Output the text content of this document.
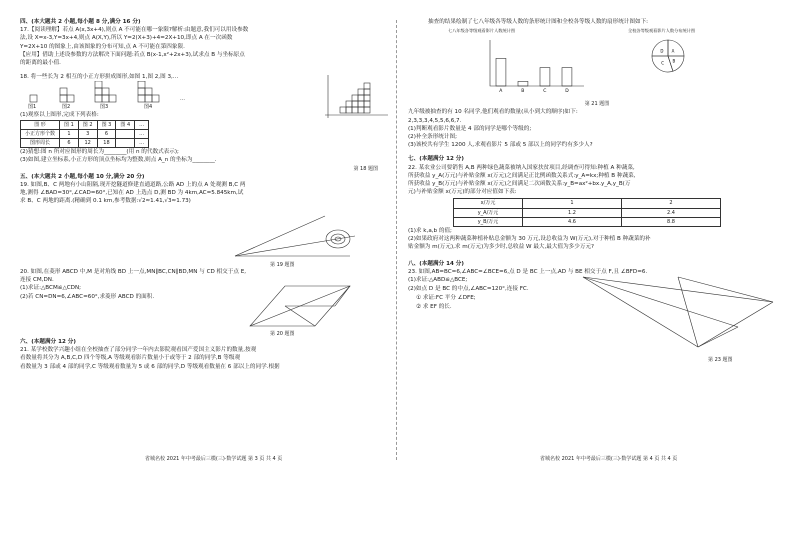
四、(本大题共 2 小题,每小题 8 分,满分 16 分)

17.【阅读理解】若点 A(x,3x+4),则点 A 不可能在哪一象限?解析:由题意,我们可以用设参数

法,设 X=x-3,Y=3x+4,则点 A(X,Y),所以 Y=2(X+3)+4=2X+10,即点 A 在一次函数

Y=2X+10 的图象上,由该图象的分布可知,点 A 不可能在第四象限.

【应用】借助上述设参数的方法解决下面问题:若点 B(x-1,x²+2x+3),试求点 B 与坐标原点

的距离的最小值.

18. 将一些长为 2 相互的小正方形拼成图形,如图 1,图 2,图 3,…

图1	图2	图3	图4
…

(1)观察以上图形,完成下列表格:

图 形	图 1	图 2	图 3	图 4	…
小正方形个数	1	3	6		…
图形周长	6	12	18		…

(2)猜想:图 n 所对应图形的周长为________(用 n 的代数式表示);

(3)如图,建立坐标系,小正方形的顶点坐标均为整数,则点 A_n 的坐标为________.

第 18 题图

五、(本大题共 2 小题,每小题 10 分,满分 20 分)

19. 如图,B、C 两地有小山阻隔,现开挖隧道修建直通道路,公路 AD 上的点 A 处观测 B,C 两

地,测得 ∠BAD=30°,∠CAD=60°,已知在 AD 上选点 D,测 BD 为 4km,AC=5.845km,试

求 B、C 两地的距离.(精确到 0.1 km,参考数据:√2≈1.41,√3≈1.73)

第 19 题图

20. 如图,在菱形 ABCD 中,M 是对角线 BD 上一点,MN∥BC,CN∥BD,MN 与 CD 相交于点 E,

连接 CM,DN.

(1)求证:△BCM≌△CDN;

(2)若 CN=DN=6,∠ABC=60°,求菱形 ABCD 的面积.

第 20 题图

六、(本题满分 12 分)

21. 某学校数学兴趣小组在全校抽查了部分同学一年内去影院观看国产爱国主义影片的数量,按观

看数量将其分为 A,B,C,D 四个等级,A 等级观看影片数量小于或等于 2 部的同学,B 等级观

看数量为 3 部或 4 部的同学,C 等级观看数量为 5 或 6 部的同学,D 等级观看数量在 6 部以上的同学.根据

省城名校 2021 年中考最后三模(三)·数学试题 第 3 页 共 4 页

抽查的结果绘制了七八年级各等级人数的条形统计图和全校各等级人数的扇形统计图如下:

七八年级各等级观看影片人数统计图
A	B	C	D
全校各等级观看影片人数分布统计图
A
B
C
D

第 21 题图

九年级被抽查的有 10 名同学,他们观看的数量(从小到大的顺序)如下:

2,3,3,3,4,5,5,6,6,7.

(1)判断观看影片数量是 4 部的同学是哪个等级的;

(2)补全条形统计图;

(3)该校共有学生 1200 人,求观看影片 5 部或 5 部以上的同学约有多少人?

七、(本题满分 12 分)

22. 某农业公司要销售 A,B 两种绿色蔬菜被纳入国家扶贫项目,经调查可得知:种植 A 种蔬菜,

所获收益 y_A(万元)与补贴金额 x(万元)之间满足正比例函数关系式:y_A=kx;种植 B 种蔬菜,

所获收益 y_B(万元)与补贴金额 x(万元)之间满足二次函数关系:y_B=ax²+bx.y_A,y_B(万

元)与补贴金额 x(万元)的部分对应值如下表:

x/万元	1	2
y_A/万元	1.2	2.4
y_B/万元	4.6	8.8

(1)求 k,a,b 的值;

(2)如果政府对这两种蔬菜种植补贴总金额为 30 万元,设总收益为 W(万元),对于种植 B 种蔬菜的补

贴金额为 m(万元),求 m(万元)为多少时,总收益 W 最大,最大值为多少万元?

八、(本题满分 14 分)

23. 如图,AB=BC=6,∠ABC=∠BCE=6,点 D 是 BC 上一点,AD 与 BE 相交于点 F,且 ∠BFD=6.

(1)求证:△ABD≌△BCE;

(2)如点 D 是 BC 的中点,∠ABC=120°,连接 FC.

① 求证:FC 平分 ∠DFE;

② 求 EF 的长.

第 23 题图

省城名校 2021 年中考最后三模(三)·数学试题 第 4 页 共 4 页
